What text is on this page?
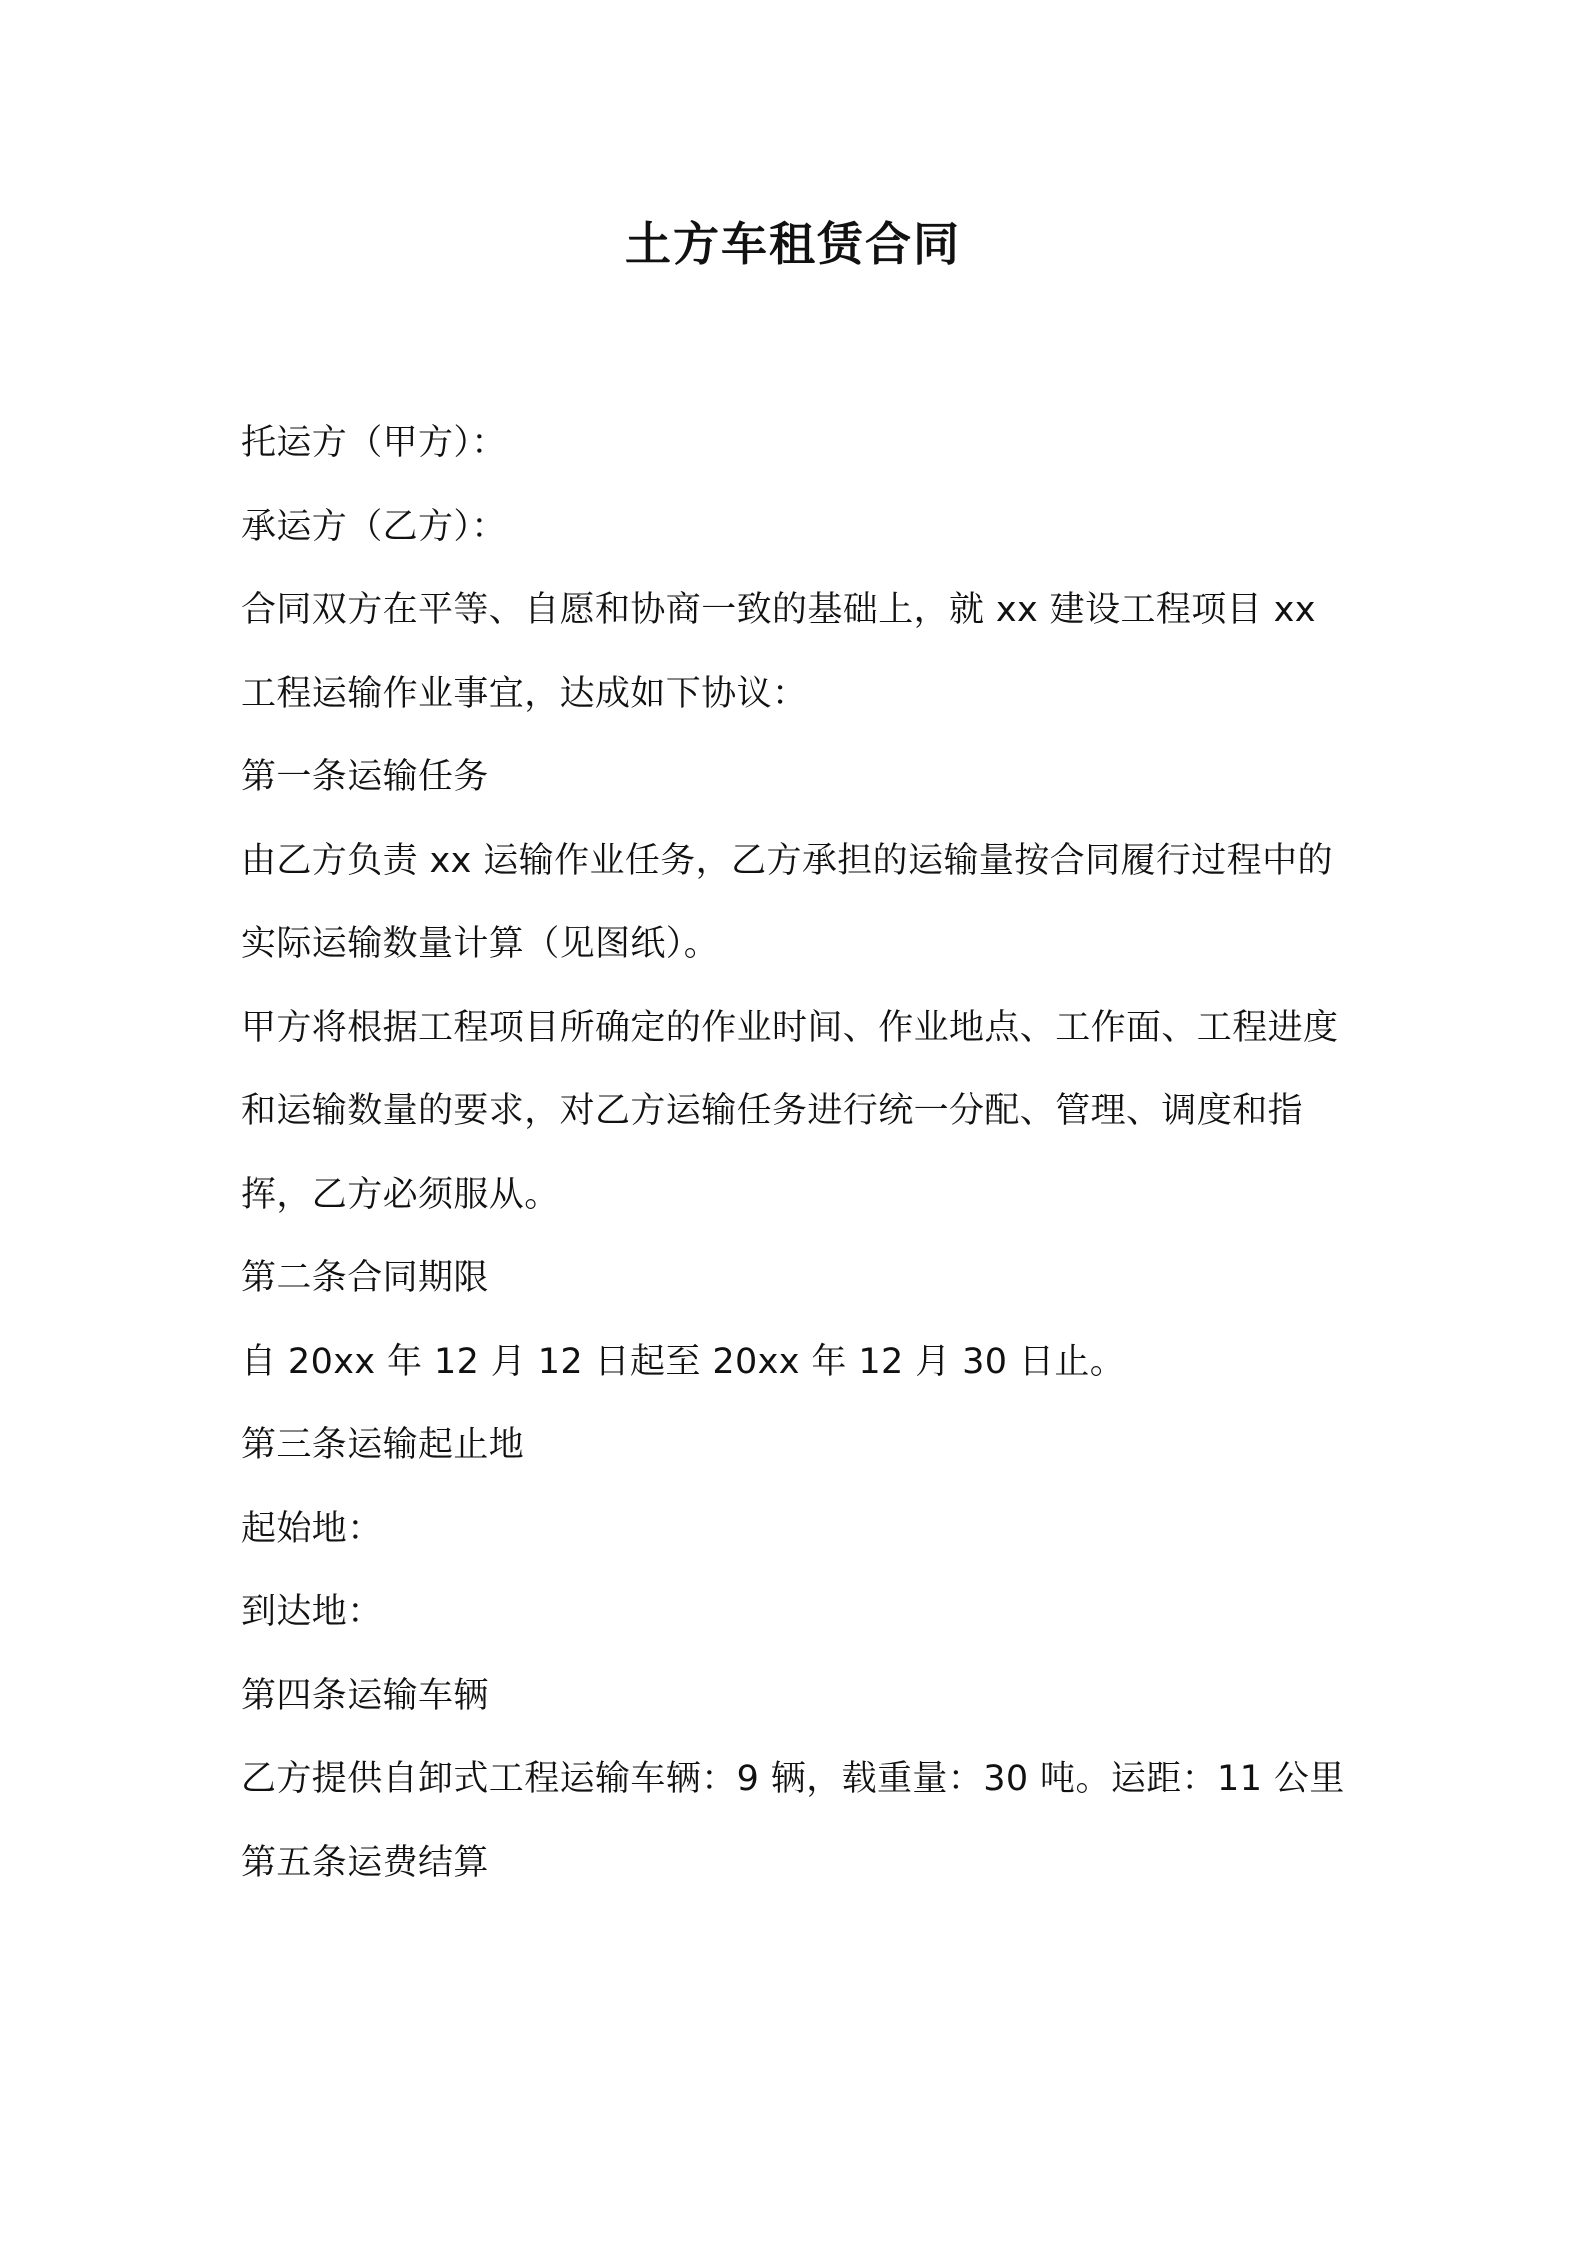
土方车租赁合同

托运方（甲方）：

承运方（乙方）：

合同双方在平等、自愿和协商一致的基础上，就 xx 建设工程项目 xx 工程运输作业事宜，达成如下协议：

第一条运输任务

由乙方负责 xx 运输作业任务，乙方承担的运输量按合同履行过程中的实际运输数量计算（见图纸）。

甲方将根据工程项目所确定的作业时间、作业地点、工作面、工程进度和运输数量的要求，对乙方运输任务进行统一分配、管理、调度和指挥，乙方必须服从。

第二条合同期限

自 20xx 年 12 月 12 日起至 20xx 年 12 月 30 日止。

第三条运输起止地

起始地：

到达地：

第四条运输车辆

乙方提供自卸式工程运输车辆：9 辆，载重量：30 吨。运距：11 公里

第五条运费结算
